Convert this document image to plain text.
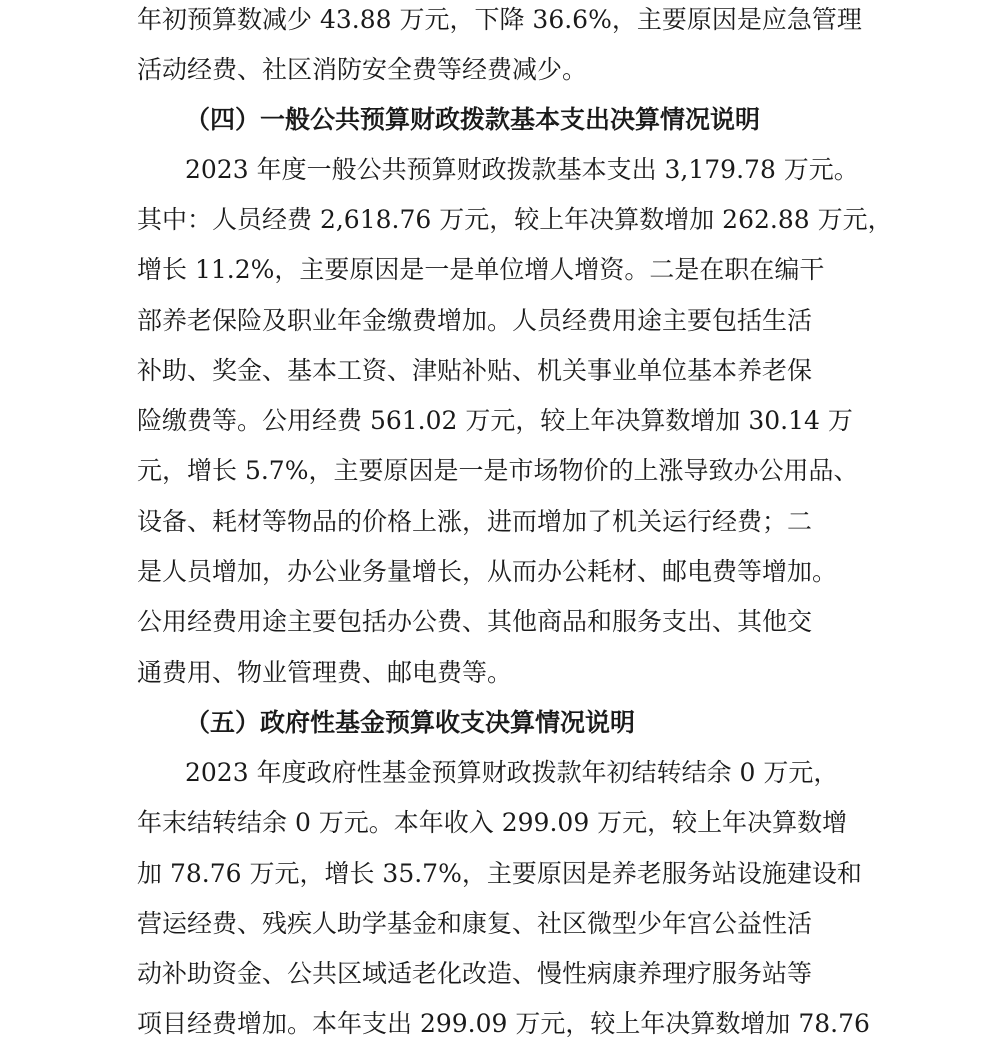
年初预算数减少 43.88 万元，下降 36.6%，主要原因是应急管理
活动经费、社区消防安全费等经费减少。
（四）一般公共预算财政拨款基本支出决算情况说明
2023 年度一般公共预算财政拨款基本支出 3,179.78 万元。
其中：人员经费 2,618.76 万元，较上年决算数增加 262.88 万元，
增长 11.2%，主要原因是一是单位增人增资。二是在职在编干
部养老保险及职业年金缴费增加。人员经费用途主要包括生活
补助、奖金、基本工资、津贴补贴、机关事业单位基本养老保
险缴费等。公用经费 561.02 万元，较上年决算数增加 30.14 万
元，增长 5.7%，主要原因是一是市场物价的上涨导致办公用品、
设备、耗材等物品的价格上涨，进而增加了机关运行经费；二
是人员增加，办公业务量增长，从而办公耗材、邮电费等增加。
公用经费用途主要包括办公费、其他商品和服务支出、其他交
通费用、物业管理费、邮电费等。
（五）政府性基金预算收支决算情况说明
2023 年度政府性基金预算财政拨款年初结转结余 0 万元，
年末结转结余 0 万元。本年收入 299.09 万元，较上年决算数增
加 78.76 万元，增长 35.7%，主要原因是养老服务站设施建设和
营运经费、残疾人助学基金和康复、社区微型少年宫公益性活
动补助资金、公共区域适老化改造、慢性病康养理疗服务站等
项目经费增加。本年支出 299.09 万元，较上年决算数增加 78.76
